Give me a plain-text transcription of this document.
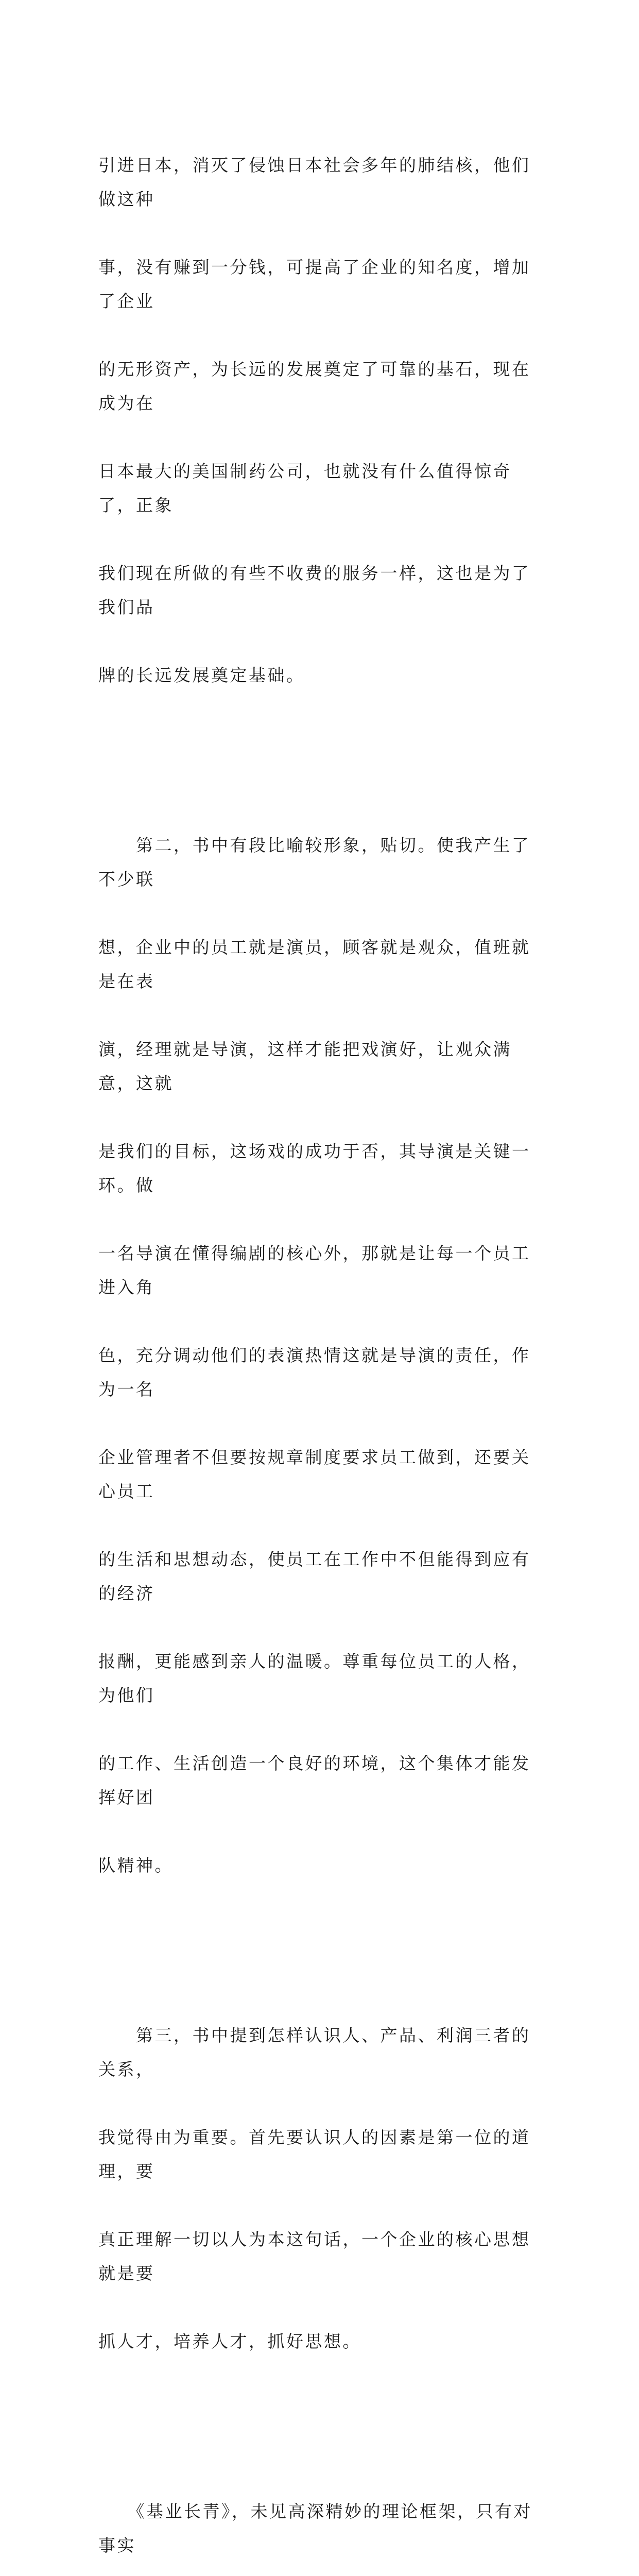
引进日本，消灭了侵蚀日本社会多年的肺结核，他们做这种

事，没有赚到一分钱，可提高了企业的知名度，增加了企业

的无形资产，为长远的发展奠定了可靠的基石，现在成为在

日本最大的美国制药公司，也就没有什么值得惊奇了，正象

我们现在所做的有些不收费的服务一样，这也是为了我们品

牌的长远发展奠定基础。

　　第二，书中有段比喻较形象，贴切。使我产生了不少联

想，企业中的员工就是演员，顾客就是观众，值班就是在表

演，经理就是导演，这样才能把戏演好，让观众满意，这就

是我们的目标，这场戏的成功于否，其导演是关键一环。做

一名导演在懂得编剧的核心外，那就是让每一个员工进入角

色，充分调动他们的表演热情这就是导演的责任，作为一名

企业管理者不但要按规章制度要求员工做到，还要关心员工

的生活和思想动态，使员工在工作中不但能得到应有的经济

报酬，更能感到亲人的温暖。尊重每位员工的人格，为他们

的工作、生活创造一个良好的环境，这个集体才能发挥好团

队精神。

　　第三，书中提到怎样认识人、产品、利润三者的关系，

我觉得由为重要。首先要认识人的因素是第一位的道理，要

真正理解一切以人为本这句话，一个企业的核心思想就是要

抓人才，培养人才，抓好思想。

　　《基业长青》，未见高深精妙的理论框架，只有对事实
